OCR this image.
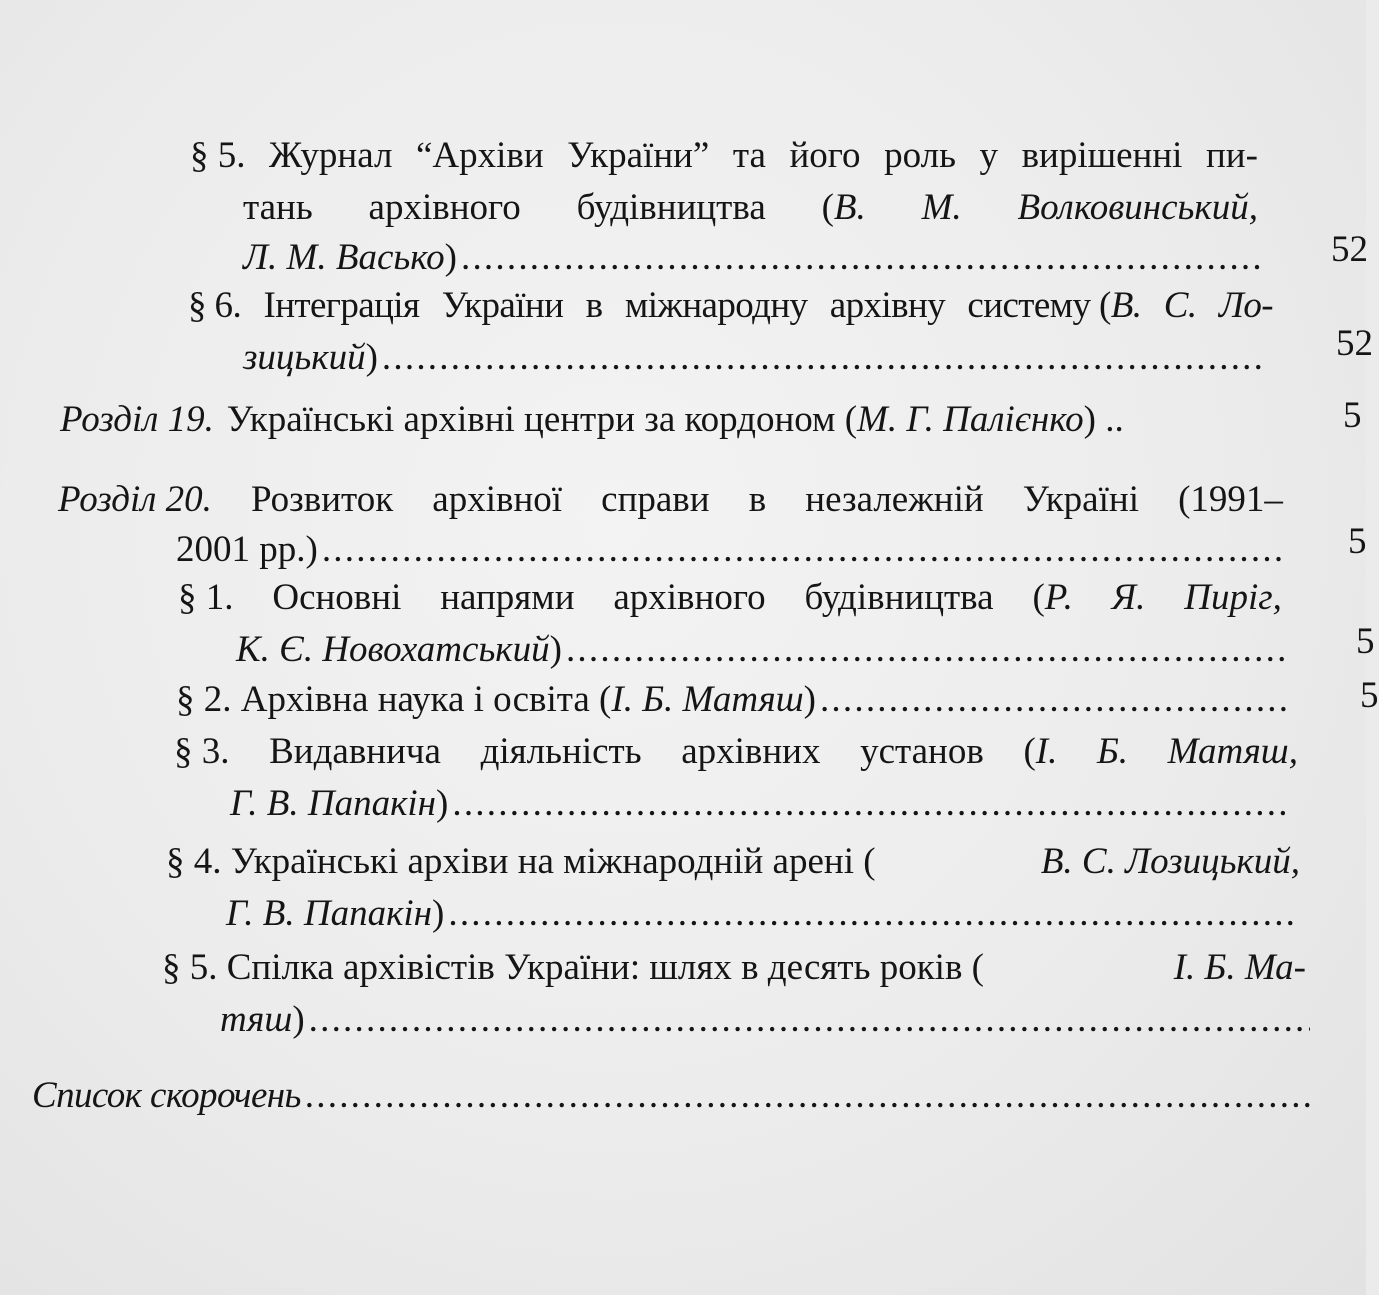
§ 5. Журнал “Архіви України” та його роль у вирішенні пи-
тань архівного будівництва (В. М. Волковинський,
Л. М. Васько ) .....	52
§ 6. Інтеграція України в міжнародну архівну систему (В. С. Ло-
зицький ) .....	52
Розділ 19. Українські архівні центри за кордоном ( М. Г. Палієнко ) ..	5
Розділ 20. Розвиток архівної справи в незалежній Україні (1991–
2001 рр.) .....	5
§ 1. Основні напрями архівного будівництва (Р. Я. Пиріг,
К. Є. Новохатський ) .....	5
§ 2. Архівна наука і освіта ( І. Б. Матяш ) .....	5
§ 3. Видавнича діяльність архівних установ (І. Б. Матяш,
Г. В. Папакін )
.....
§ 4. Українські архіви на міжнародній арені (	В. С. Лозицький,
Г. В. Папакін )
.....
§ 5. Спілка архівістів України: шлях в десять років (	І. Б. Ма-
тяш )
.....
Список скорочень
.....
